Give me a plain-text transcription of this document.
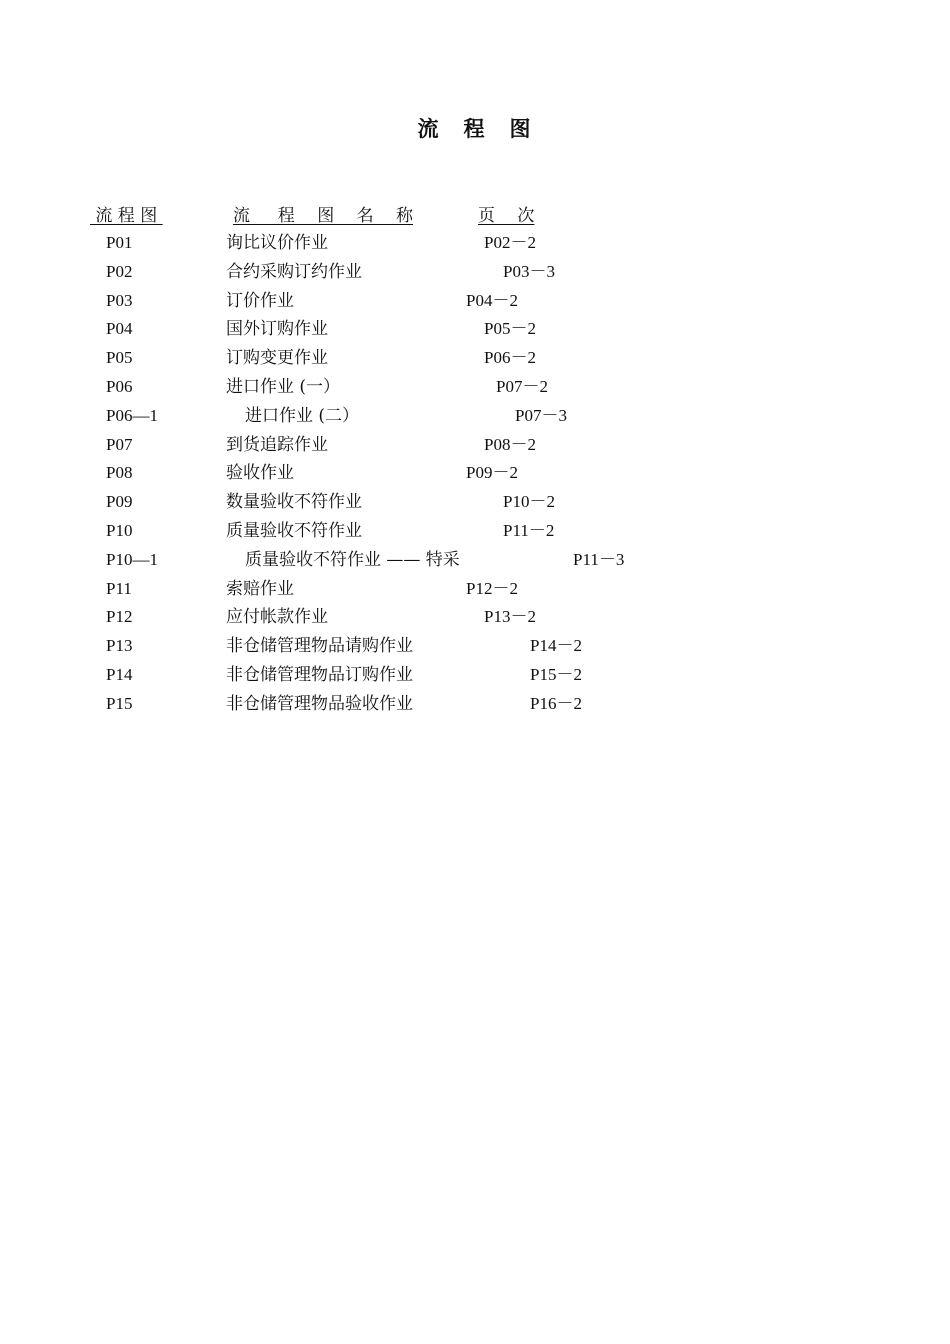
流　程　图
流 程 图	流　  程　 图　 名　 称	页　 次
P01	询比议价作业	P02－2
P02	合约采购订约作业	P03－3
P03	订价作业	P04－2
P04	国外订购作业	P05－2
P05	订购变更作业	P06－2
P06	进口作业 (一）	P07－2
P06—1	进口作业 (二）	P07－3
P07	到货追踪作业	P08－2
P08	验收作业	P09－2
P09	数量验收不符作业	P10－2
P10	质量验收不符作业	P11－2
P10—1	质量验收不符作业 —— 特采	P11－3
P11	索赔作业	P12－2
P12	应付帐款作业	P13－2
P13	非仓储管理物品请购作业	P14－2
P14	非仓储管理物品订购作业	P15－2
P15	非仓储管理物品验收作业	P16－2
